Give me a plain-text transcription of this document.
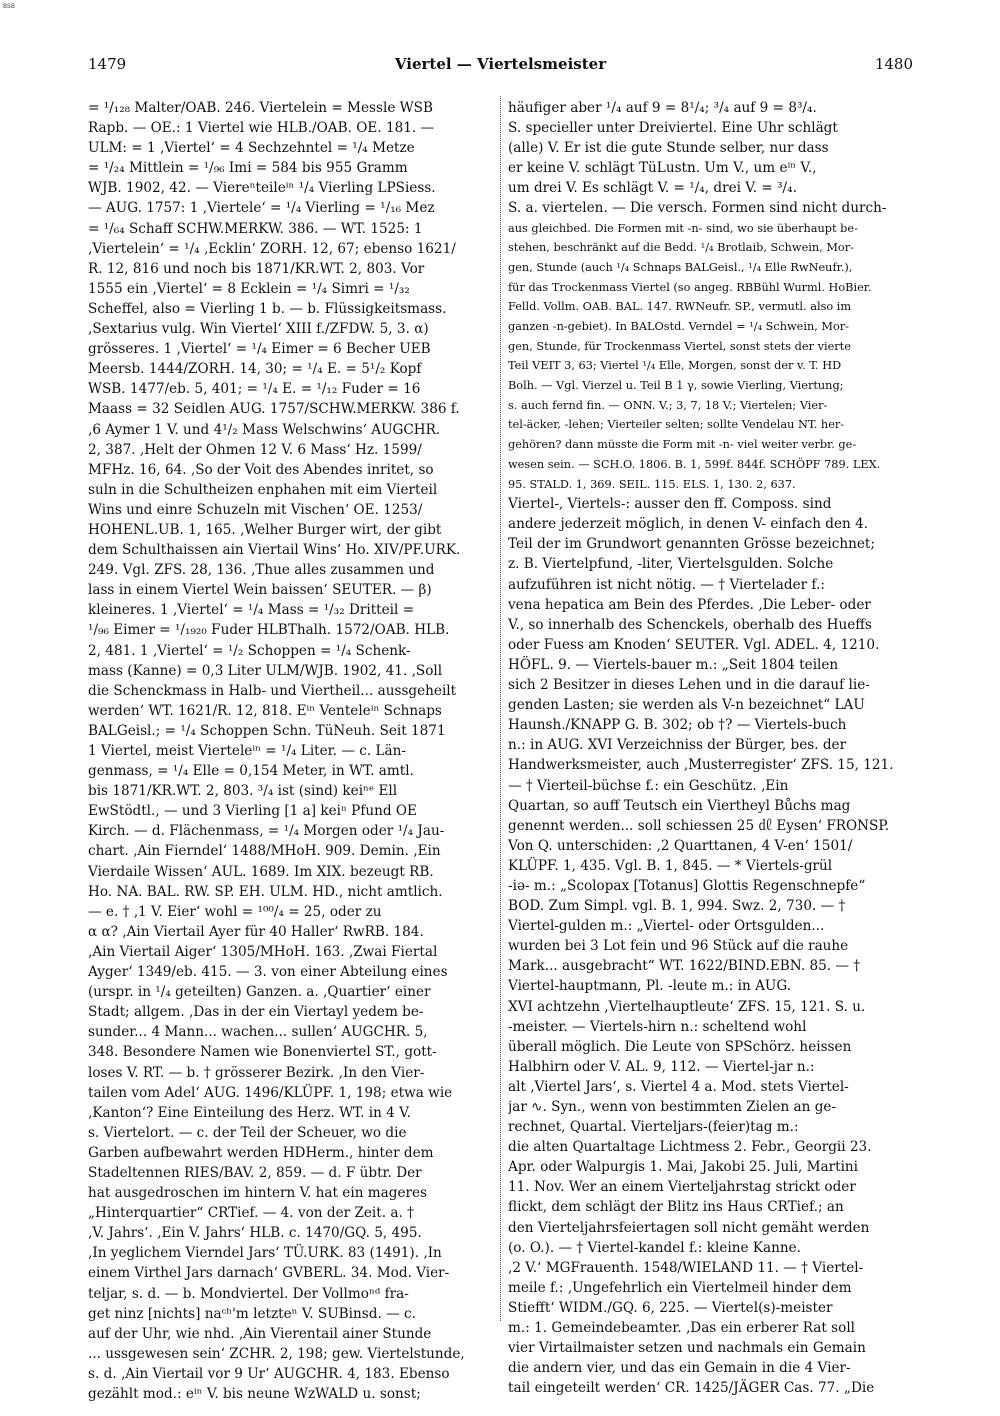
BSB
1479	Viertel — Viertelsmeister	1480
= ¹/₁₂₈ Malter/OAB. 246. Viertelein = Messle WSB
Rapb. — OE.: 1 Viertel wie HLB./OAB. OE. 181. —
ULM: = 1 ‚Viertel‘ = 4 Sechzehntel = ¹/₄ Metze
= ¹/₂₄ Mittlein = ¹/₉₆ Imi = 584 bis 955 Gramm
WJB. 1902, 42. — Viereⁿteileⁱⁿ ¹/₄ Vierling LPSiess.
— AUG. 1757: 1 ‚Viertele‘ = ¹/₄ Vierling = ¹/₁₆ Mez
= ¹/₆₄ Schaff SCHW.MERKW. 386. — WT. 1525: 1
‚Viertelein‘ = ¹/₄ ‚Ecklin‘ ZORH. 12, 67; ebenso 1621/
R. 12, 816 und noch bis 1871/KR.WT. 2, 803. Vor
1555 ein ‚Viertel‘ = 8 Ecklein = ¹/₄ Simri = ¹/₃₂
Scheffel, also = Vierling 1 b. — b. Flüssigkeitsmass.
‚Sextarius vulg. Win Viertel‘ XIII f./ZFDW. 5, 3. α)
grösseres. 1 ‚Viertel‘ = ¹/₄ Eimer = 6 Becher UEB
Meersb. 1444/ZORH. 14, 30; = ¹/₄ E. = 5¹/₂ Kopf
WSB. 1477/eb. 5, 401; = ¹/₄ E. = ¹/₁₂ Fuder = 16
Maass = 32 Seidlen AUG. 1757/SCHW.MERKW. 386 f.
‚6 Aymer 1 V. und 4¹/₂ Mass Welschwins‘ AUGCHR.
2, 387. ‚Helt der Ohmen 12 V. 6 Mass‘ Hz. 1599/
MFHz. 16, 64. ‚So der Voit des Abendes inritet, so
suln in die Schultheizen enphahen mit eim Vierteil
Wins und einre Schuzeln mit Vischen‘ OE. 1253/
HOHENL.UB. 1, 165. ‚Welher Burger wirt, der gibt
dem Schulthaissen ain Viertail Wins‘ Ho. XIV/PF.URK.
249. Vgl. ZFS. 28, 136. ‚Thue alles zusammen und
lass in einem Viertel Wein baissen‘ SEUTER. — β)
kleineres. 1 ‚Viertel‘ = ¹/₄ Mass = ¹/₃₂ Dritteil =
¹/₉₆ Eimer = ¹/₁₉₂₀ Fuder HLBThalh. 1572/OAB. HLB.
2, 481. 1 ‚Viertel‘ = ¹/₂ Schoppen = ¹/₄ Schenk-
mass (Kanne) = 0,3 Liter ULM/WJB. 1902, 41. ‚Soll
die Schenckmass in Halb- und Viertheil... aussgeheilt
werden‘ WT. 1621/R. 12, 818. Eⁱⁿ Venteleⁱⁿ Schnaps
BALGeisl.; = ¹/₄ Schoppen Schn. TüNeuh. Seit 1871
1 Viertel, meist Vierteleⁱⁿ = ¹/₄ Liter. — c. Län-
genmass, = ¹/₄ Elle = 0,154 Meter, in WT. amtl.
bis 1871/KR.WT. 2, 803. ³/₄ ist (sind) keiⁿᵉ Ell
EwStödtl., — und 3 Vierling [1 a] keiⁿ Pfund OE
Kirch. — d. Flächenmass, = ¹/₄ Morgen oder ¹/₄ Jau-
chart. ‚Ain Fierndel‘ 1488/MHoH. 909. Demin. ‚Ein
Vierdaile Wissen‘ AUL. 1689. Im XIX. bezeugt RB.
Ho. NA. BAL. RW. SP. EH. ULM. HD., nicht amtlich.
— e. † ‚1 V. Eier‘ wohl = ¹⁰⁰/₄ = 25, oder zu
α α? ‚Ain Viertail Ayer für 40 Haller‘ RwRB. 184.
‚Ain Viertail Aiger‘ 1305/MHoH. 163. ‚Zwai Fiertal
Ayger‘ 1349/eb. 415. — 3. von einer Abteilung eines
(urspr. in ¹/₄ geteilten) Ganzen. a. ‚Quartier‘ einer
Stadt; allgem. ‚Das in der ein Viertayl yedem be-
sunder... 4 Mann... wachen... sullen‘ AUGCHR. 5,
348. Besondere Namen wie Bonenviertel ST., gott-
loses V. RT. — b. † grösserer Bezirk. ‚In den Vier-
tailen vom Adel‘ AUG. 1496/KLÜPF. 1, 198; etwa wie
‚Kanton‘? Eine Einteilung des Herz. WT. in 4 V.
s. Viertelort. — c. der Teil der Scheuer, wo die
Garben aufbewahrt werden HDHerm., hinter dem
Stadeltennen RIES/BAV. 2, 859. — d. F übtr. Der
hat ausgedroschen im hintern V. hat ein mageres
„Hinterquartier“ CRTief. — 4. von der Zeit. a. †
‚V. Jahrs‘. ‚Ein V. Jahrs‘ HLB. c. 1470/GQ. 5, 495.
‚In yeglichem Vierndel Jars‘ TÜ.URK. 83 (1491). ‚In
einem Virthel Jars darnach‘ GVBERL. 34. Mod. Vier-
teljar, s. d. — b. Mondviertel. Der Vollmoⁿᵈ fra-
get ninz [nichts] naᶜʰ'm letzteⁿ V. SUBinsd. — c.
auf der Uhr, wie nhd. ‚Ain Vierentail ainer Stunde
... ussgewesen sein‘ ZCHR. 2, 198; gew. Viertelstunde,
s. d. ‚Ain Viertail vor 9 Ur‘ AUGCHR. 4, 183. Ebenso
gezählt mod.: eⁱⁿ V. bis neune WzWALD u. sonst;
häufiger aber ¹/₄ auf 9 = 8¹/₄; ³/₄ auf 9 = 8³/₄.
S. specieller unter Dreiviertel. Eine Uhr schlägt
(alle) V. Er ist die gute Stunde selber, nur dass
er keine V. schlägt TüLustn. Um V., um eⁱⁿ V.,
um drei V. Es schlägt V. = ¹/₄, drei V. = ³/₄.
S. a. viertelen. — Die versch. Formen sind nicht durch-
aus gleichbed. Die Formen mit -n- sind, wo sie überhaupt be-
stehen, beschränkt auf die Bedd. ¹/₄ Brotlaib, Schwein, Mor-
gen, Stunde (auch ¹/₄ Schnaps BALGeisl., ¹/₄ Elle RwNeufr.),
für das Trockenmass Viertel (so angeg. RBBühl Wurml. HoBier.
Felld. Vollm. OAB. BAL. 147. RWNeufr. SP., vermutl. also im
ganzen -n-gebiet). In BALOstd. Verndel = ¹/₄ Schwein, Mor-
gen, Stunde, für Trockenmass Viertel, sonst stets der vierte
Teil VEIT 3, 63; Viertel ¹/₄ Elle, Morgen, sonst der v. T. HD
Bolh. — Vgl. Vierzel u. Teil B 1 γ, sowie Vierling, Viertung;
s. auch fernd fin. — ONN. V.; 3, 7, 18 V.; Viertelen; Vier-
tel-äcker, -lehen; Vierteiler selten; sollte Vendelau NT. her-
gehören? dann müsste die Form mit -n- viel weiter verbr. ge-
wesen sein. — SCH.O. 1806. B. 1, 599f. 844f. SCHÖPF 789. LEX.
95. STALD. 1, 369. SEIL. 115. ELS. 1, 130. 2, 637.
Viertel-, Viertels-: ausser den ff. Composs. sind
andere jederzeit möglich, in denen V- einfach den 4.
Teil der im Grundwort genannten Grösse bezeichnet;
z. B. Viertelpfund, -liter, Viertelsgulden. Solche
aufzuführen ist nicht nötig. — † Viertelader f.:
vena hepatica am Bein des Pferdes. ‚Die Leber- oder
V., so innerhalb des Schenckels, oberhalb des Hueffs
oder Fuess am Knoden‘ SEUTER. Vgl. ADEL. 4, 1210.
HÖFL. 9. — Viertels-bauer m.: „Seit 1804 teilen
sich 2 Besitzer in dieses Lehen und in die darauf lie-
genden Lasten; sie werden als V-n bezeichnet“ LAU
Haunsh./KNAPP G. B. 302; ob †? — Viertels-buch
n.: in AUG. XVI Verzeichniss der Bürger, bes. der
Handwerksmeister, auch ‚Musterregister‘ ZFS. 15, 121.
— † Vierteil-büchse f.: ein Geschütz. ‚Ein
Quartan, so auff Teutsch ein Viertheyl Bůchs mag
genennt werden... soll schiessen 25 ㎗ Eysen‘ FRONSP.
Von Q. unterschiden: ‚2 Quarttanen, 4 V-en‘ 1501/
KLÜPF. 1, 435. Vgl. B. 1, 845. — * Viertels-grül
-iə- m.: „Scolopax [Totanus] Glottis Regenschnepfe“
BOD. Zum Simpl. vgl. B. 1, 994. Swz. 2, 730. — †
Viertel-gulden m.: „Viertel- oder Ortsgulden...
wurden bei 3 Lot fein und 96 Stück auf die rauhe
Mark... ausgebracht“ WT. 1622/BIND.EBN. 85. — †
Viertel-hauptmann, Pl. -leute m.: in AUG.
XVI achtzehn ‚Viertelhauptleute‘ ZFS. 15, 121. S. u.
-meister. — Viertels-hirn n.: scheltend wohl
überall möglich. Die Leute von SPSchörz. heissen
Halbhirn oder V. AL. 9, 112. — Viertel-jar n.:
alt ‚Viertel Jars‘, s. Viertel 4 a. Mod. stets Viertel-
jar ∿. Syn., wenn von bestimmten Zielen an ge-
rechnet, Quartal. Vierteljars-(feier)tag m.:
die alten Quartaltage Lichtmess 2. Febr., Georgii 23.
Apr. oder Walpurgis 1. Mai, Jakobi 25. Juli, Martini
11. Nov. Wer an einem Vierteljahrstag strickt oder
flickt, dem schlägt der Blitz ins Haus CRTief.; an
den Vierteljahrsfeiertagen soll nicht gemäht werden
(o. O.). — † Viertel-kandel f.: kleine Kanne.
‚2 V.‘ MGFrauenth. 1548/WIELAND 11. — † Viertel-
meile f.: ‚Ungefehrlich ein Viertelmeil hinder dem
Stiefft‘ WIDM./GQ. 6, 225. — Viertel(s)-meister
m.: 1. Gemeindebeamter. ‚Das ein erberer Rat soll
vier Virtailmaister setzen und nachmals ein Gemain
die andern vier, und das ein Gemain in die 4 Vier-
tail eingeteilt werden‘ CR. 1425/JÄGER Cas. 77. „Die
